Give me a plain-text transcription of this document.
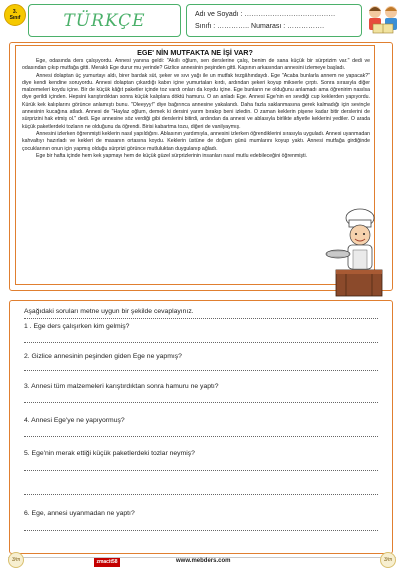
3.
Sınıf	TÜRKÇE	Adı ve Soyadı : …………………………………
Sınıfı : ………….. Numarası : …………….
EGE' NİN MUTFAKTA NE İŞİ VAR?

Ege, odasında ders çalışıyordu. Annesi yanına geldi: "Akıllı oğlum, sen derslerine çalış, benim de sana küçük bir sürprizim var." dedi ve odasından çıkıp mutfağa gitti. Meraklı Ege durur mu yerinde? Gizlice annesinin peşinden gitti. Kapının arkasından annesini izlemeye başladı.

Annesi dolaptan üç yumurtayı aldı, birer bardak süt, şeker ve sıvı yağı ile un mutfak tezgâhındaydı. Ege "Acaba bunlarla annem ne yapacak?" diye kendi kendine soruyordu. Annesi dolaptan çıkardığı kabın içine yumurtaları kırdı, ardından şekeri koyup mikserle çırptı. Sonra sırasıyla diğer malzemeleri koydu içine. Bir de küçük kâğıt paketler içinde toz vardı onları da koydu içine. Ege bunların ne olduğunu anlamadı ama öğrenirim nasılsa diye gerildi içinden. Hepsini karıştırdıktan sonra küçük kalıplara döktü hamuru. O an anladı Ege. Annesi Ege'nin en sevdiği cup keklerden yapıyordu. Kürük kek kalıplarını görünce anlamıştı bunu. "Oleeyyy!" diye bağırınca annesine yakalandı. Daha fazla saklanmasına gerek kalmadığı için sevinçle annesinin kucağına atladı. Annesi de "Haylaz oğlum, demek ki dersini yarım bırakıp beni izledin. O zaman keklerin pişene kadar bitir derslerini de sürprizini hak etmiş ol." dedi. Ege annesine söz verdiği gibi derslerini bitirdi, ardından da annesi ve ablasıyla birlikte afiyetle keklerini yediler. O arada küçük paketlerdeki tozların ne olduğunu da öğrendi. Birisi kabartma tozu, diğeri de vanilyaymış.

Annesini izlerken öğrenmişti keklerin nasıl yapıldığını. Ablasının yardımıyla, annesini izlerken öğrendiklerini sırasıyla uyguladı. Annesi uyanmadan kahvaltıyı hazırladı ve kekleri de masanın ortasına koydu. Keklerin üstüne de doğum günü mumlarını koyup yaktı. Annesi mutfağa girdiğinde çocuklarının onun için yapmış olduğu sürprizi görünce mutluluktan duygulanıp ağladı.

Ege bir hafta içinde hem kek yapmayı hem de küçük güzel sürprizlerinin insanları nasıl mutlu edebileceğini öğrenmişti.

Aşağıdaki soruları metne uygun bir şekilde cevaplayınız.
1 . Ege ders çalışırken kim gelmiş?
2. Gizlice annesinin peşinden giden Ege ne yapmış?
3. Annesi tüm malzemeleri karıştırdıktan sonra hamuru ne yaptı?
4. Annesi Ege'ye ne yapıyormuş?
5. Ege'nin merak ettiği küçük paketlerdeki tozlar neymiş?
6. Ege, annesi uyanmadan ne yaptı?
3/m	zmacit58	www.mebders.com	3/m
